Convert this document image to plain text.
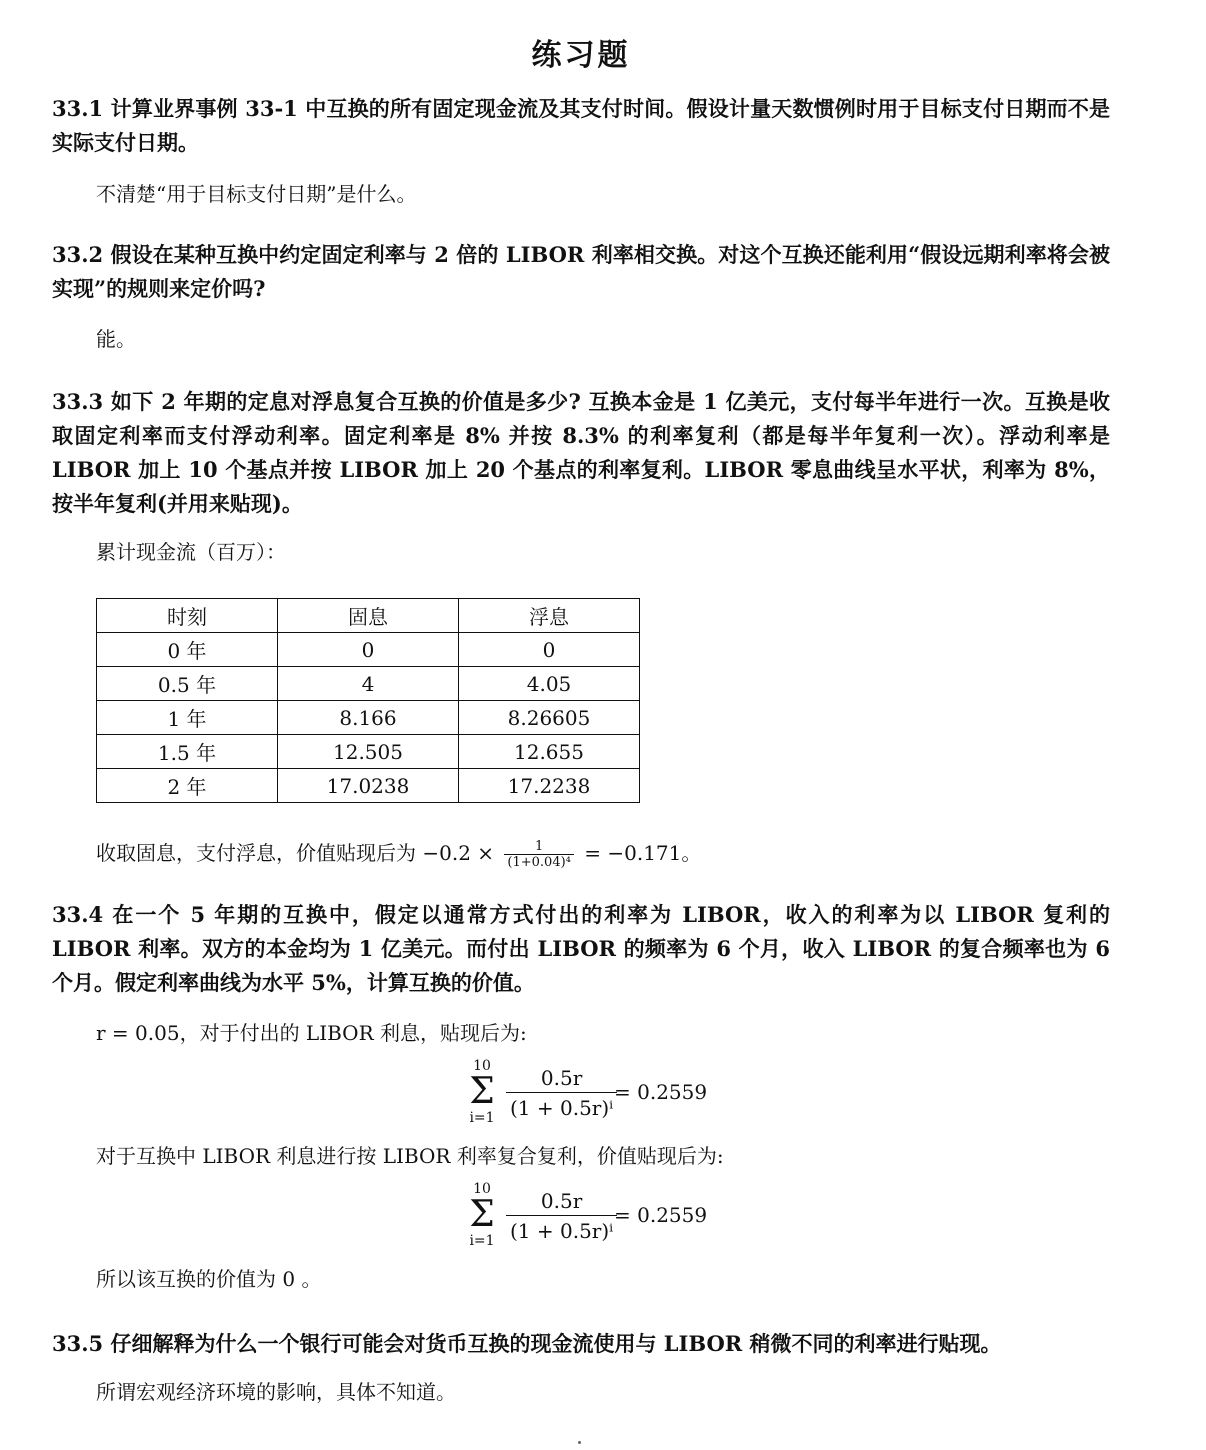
练习题
33.1 计算业界事例 33-1 中互换的所有固定现金流及其支付时间。假设计量天数惯例时用于目标支付日期而不是实际支付日期。
不清楚“用于目标支付日期”是什么。
33.2 假设在某种互换中约定固定利率与 2 倍的 LIBOR 利率相交换。对这个互换还能利用“假设远期利率将会被实现”的规则来定价吗?
能。
33.3 如下 2 年期的定息对浮息复合互换的价值是多少? 互换本金是 1 亿美元，支付每半年进行一次。互换是收取固定利率而支付浮动利率。固定利率是 8% 并按 8.3% 的利率复利（都是每半年复利一次）。浮动利率是 LIBOR 加上 10 个基点并按 LIBOR 加上 20 个基点的利率复利。LIBOR 零息曲线呈水平状，利率为 8%，按半年复利(并用来贴现)。
累计现金流（百万）：
时刻	固息	浮息
0 年	0	0
0.5 年	4	4.05
1 年	8.166	8.26605
1.5 年	12.505	12.655
2 年	17.0238	17.2238
收取固息，支付浮息，价值贴现后为 $-0.2 \times \frac{1}{\text{(1+0.04)⁴}} = -0.171$。
33.4 在一个 5 年期的互换中，假定以通常方式付出的利率为 LIBOR，收入的利率为以 LIBOR 复利的 LIBOR 利率。双方的本金均为 1 亿美元。而付出 LIBOR 的频率为 6 个月，收入 LIBOR 的复合频率也为 6 个月。假定利率曲线为水平 5%，计算互换的价值。
r = 0.05，对于付出的 LIBOR 利息，贴现后为:
10
Σ
$i=1 \frac{0.5r}{\text{(1 + 0.5r)ⁱ}}$
= 0.2559
对于互换中 LIBOR 利息进行按 LIBOR 利率复合复利，价值贴现后为:
10
Σ
$i=1 \frac{0.5r}{\text{(1 + 0.5r)ⁱ}}$
= 0.2559
所以该互换的价值为 0 。
33.5 仔细解释为什么一个银行可能会对货币互换的现金流使用与 LIBOR 稍微不同的利率进行贴现。
所谓宏观经济环境的影响，具体不知道。
